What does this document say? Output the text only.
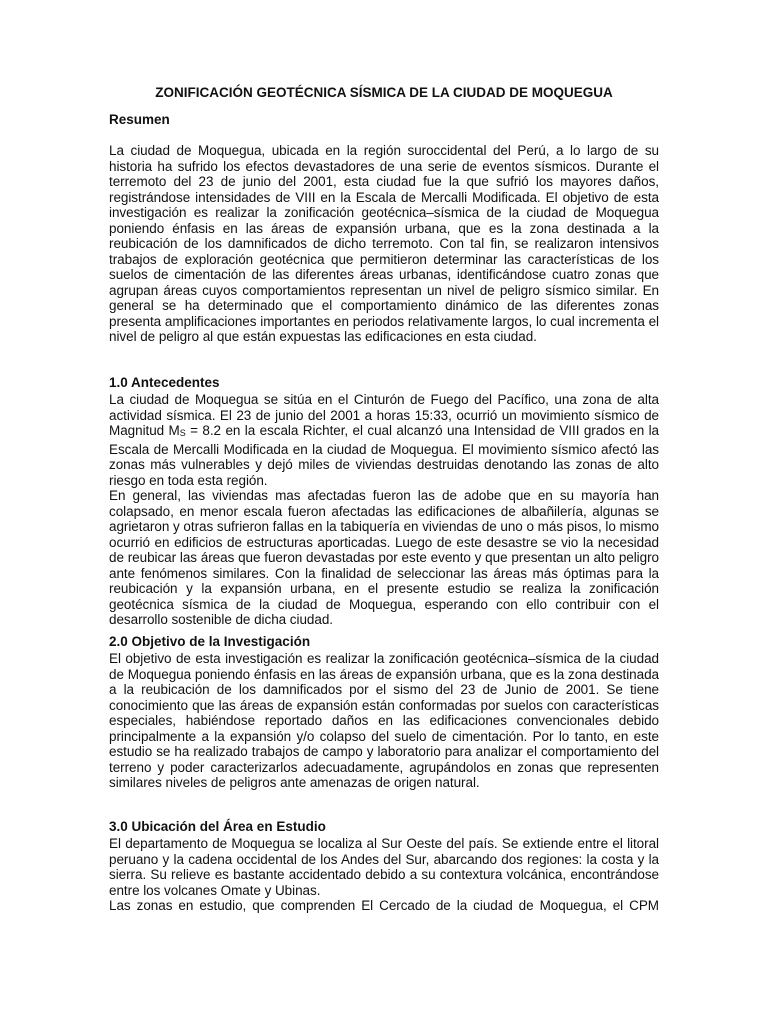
ZONIFICACIÓN GEOTÉCNICA SÍSMICA DE LA CIUDAD DE MOQUEGUA

Resumen

La ciudad de Moquegua, ubicada en la región suroccidental del Perú, a lo largo de su historia ha sufrido los efectos devastadores de una serie de eventos sísmicos. Durante el terremoto del 23 de junio del 2001, esta ciudad fue la que sufrió los mayores daños, registrándose intensidades de VIII en la Escala de Mercalli Modificada. El objetivo de esta investigación es realizar la zonificación geotécnica–sísmica de la ciudad de Moquegua poniendo énfasis en las áreas de expansión urbana, que es la zona destinada a la reubicación de los damnificados de dicho terremoto. Con tal fin, se realizaron intensivos trabajos de exploración geotécnica que permitieron determinar las características de los suelos de cimentación de las diferentes áreas urbanas, identificándose cuatro zonas que agrupan áreas cuyos comportamientos representan un nivel de peligro sísmico similar. En general se ha determinado que el comportamiento dinámico de las diferentes zonas presenta amplificaciones importantes en periodos relativamente largos, lo cual incrementa el nivel de peligro al que están expuestas las edificaciones en esta ciudad.

1.0 Antecedentes

La ciudad de Moquegua se sitúa en el Cinturón de Fuego del Pacífico, una zona de alta actividad sísmica. El 23 de junio del 2001 a horas 15:33, ocurrió un movimiento sísmico de Magnitud $M_S = 8.2$ en la escala Richter, el cual alcanzó una Intensidad de VIII grados en la Escala de Mercalli Modificada en la ciudad de Moquegua. El movimiento sísmico afectó las zonas más vulnerables y dejó miles de viviendas destruidas denotando las zonas de alto riesgo en toda esta región.

En general, las viviendas mas afectadas fueron las de adobe que en su mayoría han colapsado, en menor escala fueron afectadas las edificaciones de albañilería, algunas se agrietaron y otras sufrieron fallas en la tabiquería en viviendas de uno o más pisos, lo mismo ocurrió en edificios de estructuras aporticadas. Luego de este desastre se vio la necesidad de reubicar las áreas que fueron devastadas por este evento y que presentan un alto peligro ante fenómenos similares. Con la finalidad de seleccionar las áreas más óptimas para la reubicación y la expansión urbana, en el presente estudio se realiza la zonificación geotécnica sísmica de la ciudad de Moquegua, esperando con ello contribuir con el desarrollo sostenible de dicha ciudad.

2.0 Objetivo de la Investigación

El objetivo de esta investigación es realizar la zonificación geotécnica–sísmica de la ciudad de Moquegua poniendo énfasis en las áreas de expansión urbana, que es la zona destinada a la reubicación de los damnificados por el sismo del 23 de Junio de 2001. Se tiene conocimiento que las áreas de expansión están conformadas por suelos con características especiales, habiéndose reportado daños en las edificaciones convencionales debido principalmente a la expansión y/o colapso del suelo de cimentación. Por lo tanto, en este estudio se ha realizado trabajos de campo y laboratorio para analizar el comportamiento del terreno y poder caracterizarlos adecuadamente, agrupándolos en zonas que representen similares niveles de peligros ante amenazas de origen natural.

3.0 Ubicación del Área en Estudio

El departamento de Moquegua se localiza al Sur Oeste del país. Se extiende entre el litoral peruano y la cadena occidental de los Andes del Sur, abarcando dos regiones: la costa y la sierra. Su relieve es bastante accidentado debido a su contextura volcánica, encontrándose entre los volcanes Omate y Ubinas.

Las zonas en estudio, que comprenden El Cercado de la ciudad de Moquegua, el CPM
